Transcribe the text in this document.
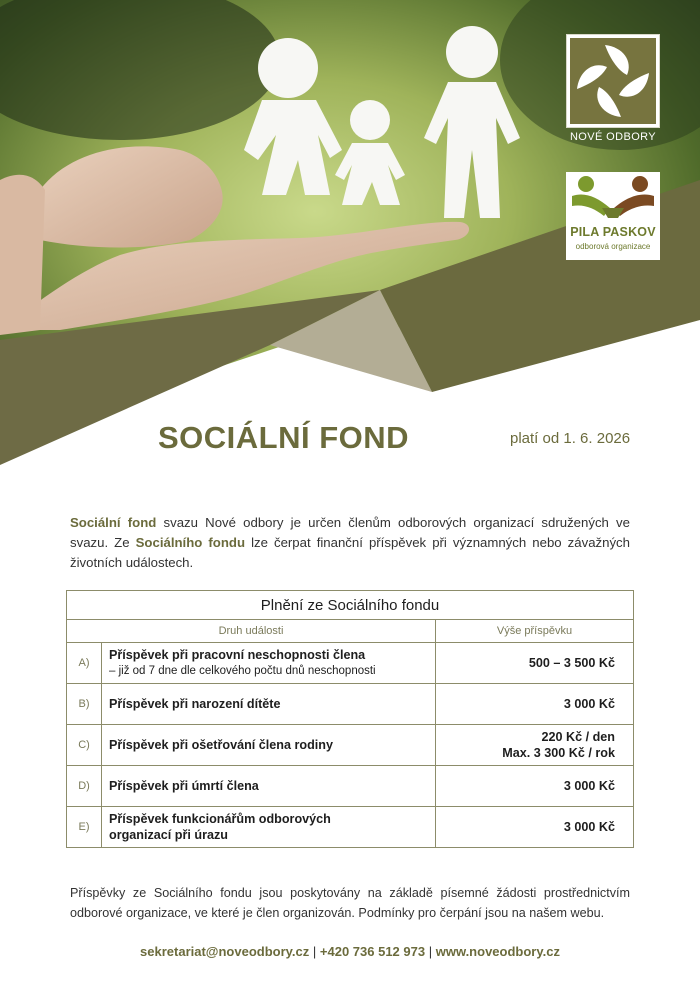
NOVÉ ODBORY
PILA PASKOV
odborová organizace
SOCIÁLNÍ FOND	platí od 1. 6. 2026

Sociální fond svazu Nové odbory je určen členům odborových organizací sdružených ve svazu. Ze Sociálního fondu lze čerpat finanční příspěvek při významných nebo závažných životních událostech.

Plnění ze Sociálního fondu		
Druh události		Výše příspěvku
A)	Příspěvek při pracovní neschopnosti člena
– již od 7 dne dle celkového počtu dnů neschopnosti	500 – 3 500 Kč
B)	Příspěvek při narození dítěte	3 000 Kč
C)	Příspěvek při ošetřování člena rodiny	220 Kč / den
Max. 3 300 Kč / rok

D)	Příspěvek při úmrtí člena	3 000 Kč
E)	Příspěvek funkcionářům odborových
organizací při úrazu	3 000 Kč

Příspěvky ze Sociálního fondu jsou poskytovány na základě písemné žádosti prostřednictvím odborové organizace, ve které je člen organizován. Podmínky pro čerpání jsou na našem webu.

sekretariat@noveodbory.cz | +420 736 512 973 | www.noveodbory.cz
